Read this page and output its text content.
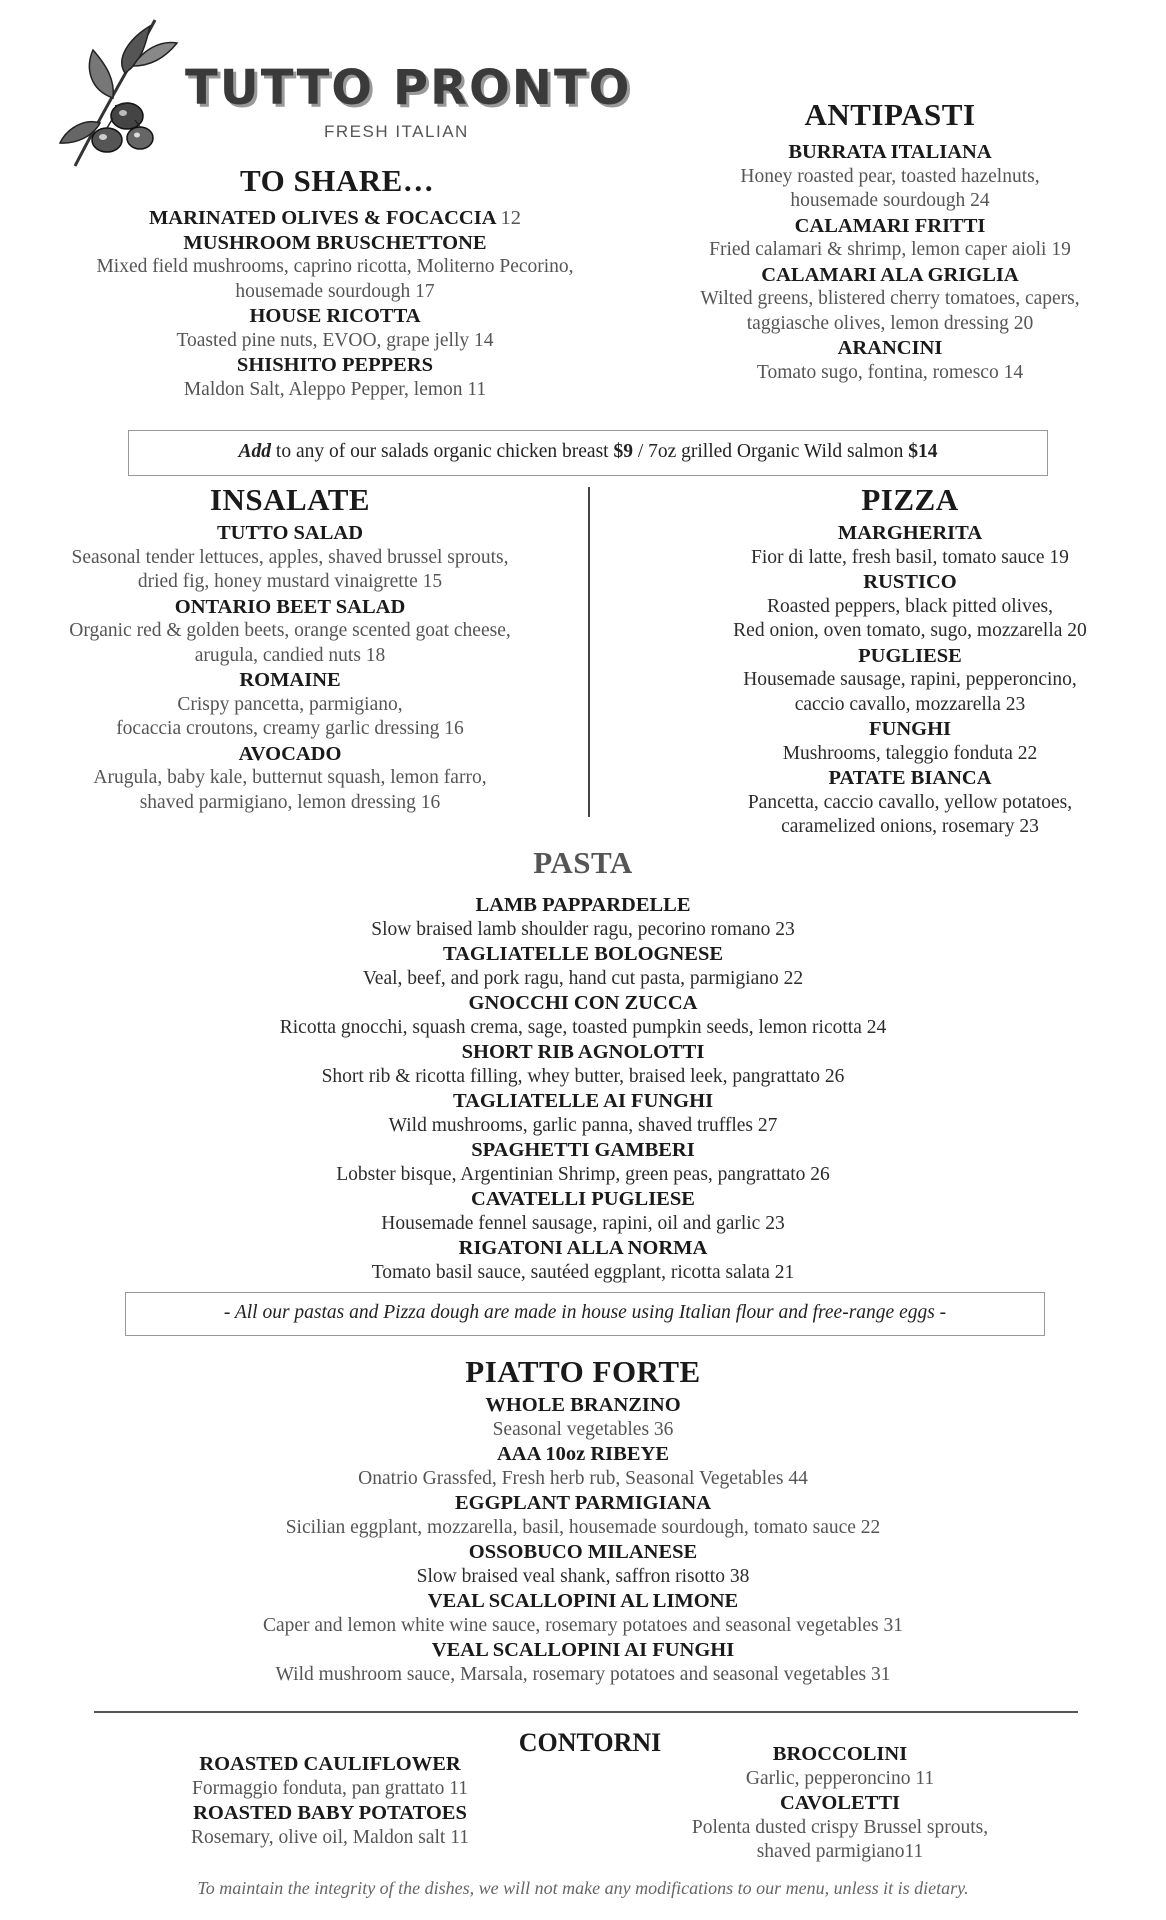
TUTTO PRONTO
FRESH ITALIAN
TO SHARE…
MARINATED OLIVES & FOCACCIA 12
MUSHROOM BRUSCHETTONE
Mixed field mushrooms, caprino ricotta, Moliterno Pecorino,
housemade sourdough 17
HOUSE RICOTTA
Toasted pine nuts, EVOO, grape jelly 14
SHISHITO PEPPERS
Maldon Salt, Aleppo Pepper, lemon 11
ANTIPASTI
BURRATA ITALIANA
Honey roasted pear, toasted hazelnuts,
housemade sourdough 24
CALAMARI FRITTI
Fried calamari & shrimp, lemon caper aioli 19
CALAMARI ALA GRIGLIA
Wilted greens, blistered cherry tomatoes, capers,
taggiasche olives, lemon dressing 20
ARANCINI
Tomato sugo, fontina, romesco 14
Add to any of our salads organic chicken breast $9 / 7oz grilled Organic Wild salmon $14
INSALATE
TUTTO SALAD
Seasonal tender lettuces, apples, shaved brussel sprouts,
dried fig, honey mustard vinaigrette 15
ONTARIO BEET SALAD
Organic red & golden beets, orange scented goat cheese,
arugula, candied nuts 18
ROMAINE
Crispy pancetta, parmigiano,
focaccia croutons, creamy garlic dressing 16
AVOCADO
Arugula, baby kale, butternut squash, lemon farro,
shaved parmigiano, lemon dressing 16
PIZZA
MARGHERITA
Fior di latte, fresh basil, tomato sauce 19
RUSTICO
Roasted peppers, black pitted olives,
Red onion, oven tomato, sugo, mozzarella 20
PUGLIESE
Housemade sausage, rapini, pepperoncino,
caccio cavallo, mozzarella 23
FUNGHI
Mushrooms, taleggio fonduta 22
PATATE BIANCA
Pancetta, caccio cavallo, yellow potatoes,
caramelized onions, rosemary 23
PASTA
LAMB PAPPARDELLE
Slow braised lamb shoulder ragu, pecorino romano 23
TAGLIATELLE BOLOGNESE
Veal, beef, and pork ragu, hand cut pasta, parmigiano 22
GNOCCHI CON ZUCCA
Ricotta gnocchi, squash crema, sage, toasted pumpkin seeds, lemon ricotta 24
SHORT RIB AGNOLOTTI
Short rib & ricotta filling, whey butter, braised leek, pangrattato 26
TAGLIATELLE AI FUNGHI
Wild mushrooms, garlic panna, shaved truffles 27
SPAGHETTI GAMBERI
Lobster bisque, Argentinian Shrimp, green peas, pangrattato 26
CAVATELLI PUGLIESE
Housemade fennel sausage, rapini, oil and garlic 23
RIGATONI ALLA NORMA
Tomato basil sauce, sautéed eggplant, ricotta salata 21
- All our pastas and Pizza dough are made in house using Italian flour and free-range eggs -
PIATTO FORTE
WHOLE BRANZINO
Seasonal vegetables 36
AAA 10oz RIBEYE
Onatrio Grassfed, Fresh herb rub, Seasonal Vegetables 44
EGGPLANT PARMIGIANA
Sicilian eggplant, mozzarella, basil, housemade sourdough, tomato sauce 22
OSSOBUCO MILANESE
Slow braised veal shank, saffron risotto 38
VEAL SCALLOPINI AL LIMONE
Caper and lemon white wine sauce, rosemary potatoes and seasonal vegetables 31
VEAL SCALLOPINI AI FUNGHI
Wild mushroom sauce, Marsala, rosemary potatoes and seasonal vegetables 31
CONTORNI
ROASTED CAULIFLOWER
Formaggio fonduta, pan grattato 11
ROASTED BABY POTATOES
Rosemary, olive oil, Maldon salt 11
BROCCOLINI
Garlic, pepperoncino 11
CAVOLETTI
Polenta dusted crispy Brussel sprouts,
shaved parmigiano11
To maintain the integrity of the dishes, we will not make any modifications to our menu, unless it is dietary.
